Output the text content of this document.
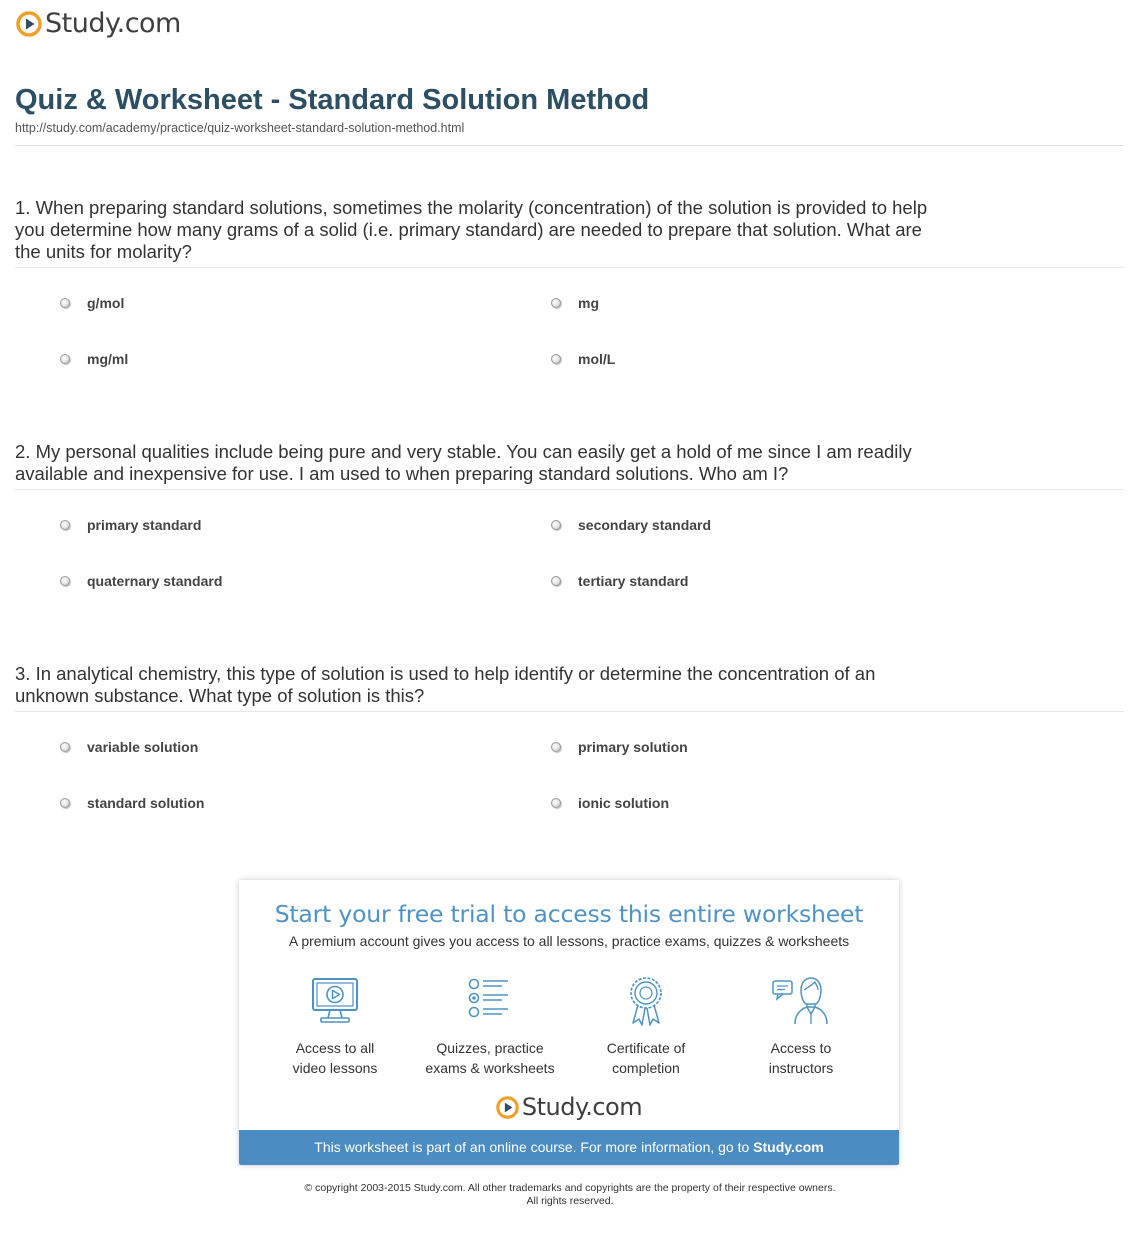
Study.com
Quiz & Worksheet - Standard Solution Method
http://study.com/academy/practice/quiz-worksheet-standard-solution-method.html
1. When preparing standard solutions, sometimes the molarity (concentration) of the solution is provided to help you determine how many grams of a solid (i.e. primary standard) are needed to prepare that solution. What are the units for molarity?
g/mol	mg
mg/ml	mol/L
2. My personal qualities include being pure and very stable. You can easily get a hold of me since I am readily available and inexpensive for use. I am used to when preparing standard solutions. Who am I?
primary standard	secondary standard
quaternary standard	tertiary standard
3. In analytical chemistry, this type of solution is used to help identify or determine the concentration of an unknown substance. What type of solution is this?
variable solution	primary solution
standard solution	ionic solution
Start your free trial to access this entire worksheet
A premium account gives you access to all lessons, practice exams, quizzes & worksheets
Access to all
video lessons
Quizzes, practice
exams & worksheets
Certificate of
completion
Access to
instructors
Study.com
This worksheet is part of an online course. For more information, go to Study.com
© copyright 2003-2015 Study.com. All other trademarks and copyrights are the property of their respective owners.
All rights reserved.
